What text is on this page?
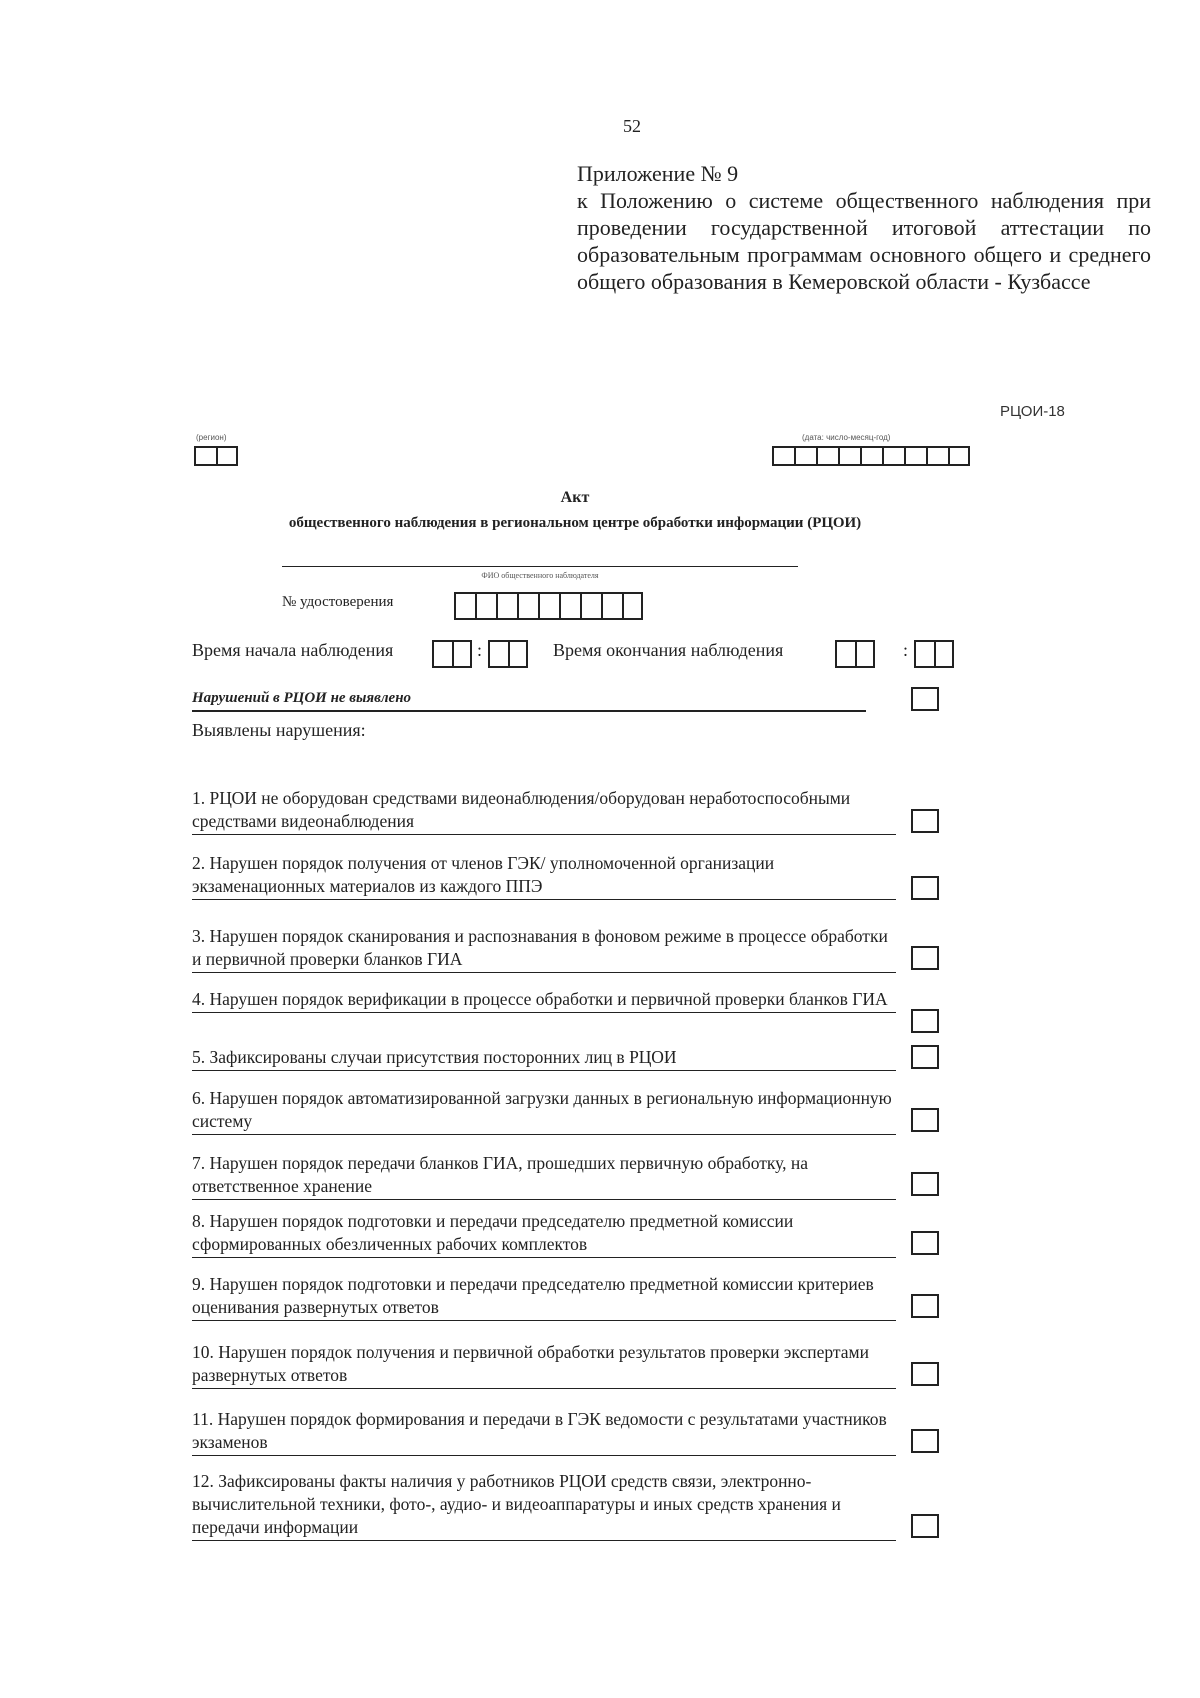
52
Приложение № 9
к Положению о системе общественного наблюдения при проведении государственной итоговой аттестации по образовательным программам основного общего и среднего общего образования в Кемеровской области - Кузбассе
РЦОИ-18
(регион)	(дата: число-месяц-год)
Акт
общественного наблюдения в региональном центре обработки информации (РЦОИ)
ФИО общественного наблюдателя
№ удостоверения
Время начала наблюдения	:	Время окончания наблюдения	:
Нарушений в РЦОИ не выявлено
Выявлены нарушения:
1. РЦОИ не оборудован средствами видеонаблюдения/оборудован неработоспособными средствами видеонаблюдения
2. Нарушен порядок получения от членов ГЭК/ уполномоченной организации экзаменационных материалов из каждого ППЭ
3. Нарушен порядок сканирования и распознавания в фоновом режиме в процессе обработки и первичной проверки бланков ГИА
4. Нарушен порядок верификации в процессе обработки и первичной проверки бланков ГИА
5. Зафиксированы случаи присутствия посторонних лиц в РЦОИ
6. Нарушен порядок автоматизированной загрузки данных в региональную информационную систему
7. Нарушен порядок передачи бланков ГИА, прошедших первичную обработку, на ответственное хранение
8. Нарушен порядок подготовки и передачи председателю предметной комиссии сформированных обезличенных рабочих комплектов
9. Нарушен порядок подготовки и передачи председателю предметной комиссии критериев оценивания развернутых ответов
10. Нарушен порядок получения и первичной обработки результатов проверки экспертами развернутых ответов
11. Нарушен порядок формирования и передачи в ГЭК ведомости с результатами участников экзаменов
12. Зафиксированы факты наличия у работников РЦОИ средств связи, электронно-вычислительной техники, фото-, аудио- и видеоаппаратуры и иных средств хранения и передачи информации
